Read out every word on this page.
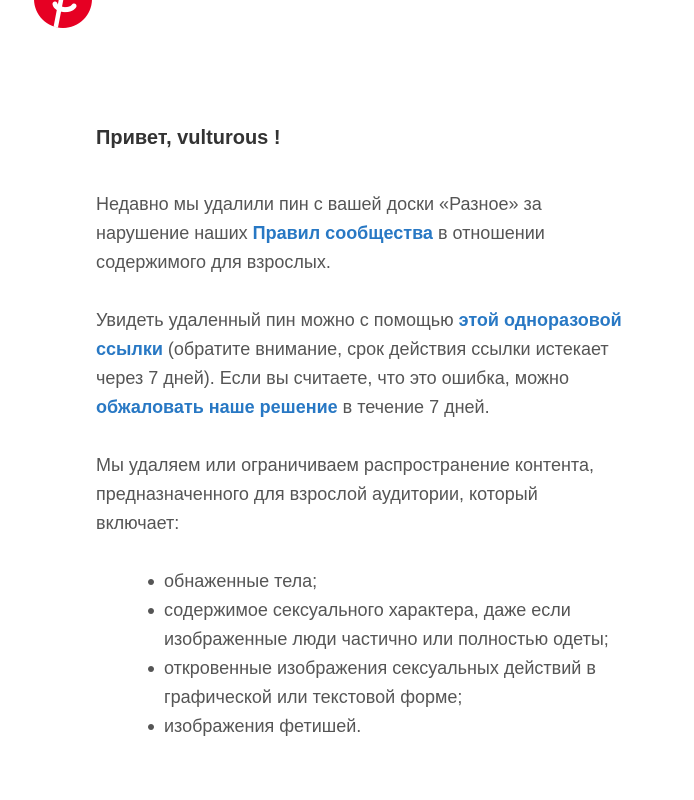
Привет, vulturous !

Недавно мы удалили пин с вашей доски «Разное» за нарушение наших Правил сообщества в отношении содержимого для взрослых.

Увидеть удаленный пин можно с помощью этой одноразовой ссылки (обратите внимание, срок действия ссылки истекает через 7 дней). Если вы считаете, что это ошибка, можно обжаловать наше решение в течение 7 дней.

Мы удаляем или ограничиваем распространение контента, предназначенного для взрослой аудитории, который включает:

обнаженные тела;
содержимое сексуального характера, даже если изображенные люди частично или полностью одеты;
откровенные изображения сексуальных действий в графической или текстовой форме;
изображения фетишей.
